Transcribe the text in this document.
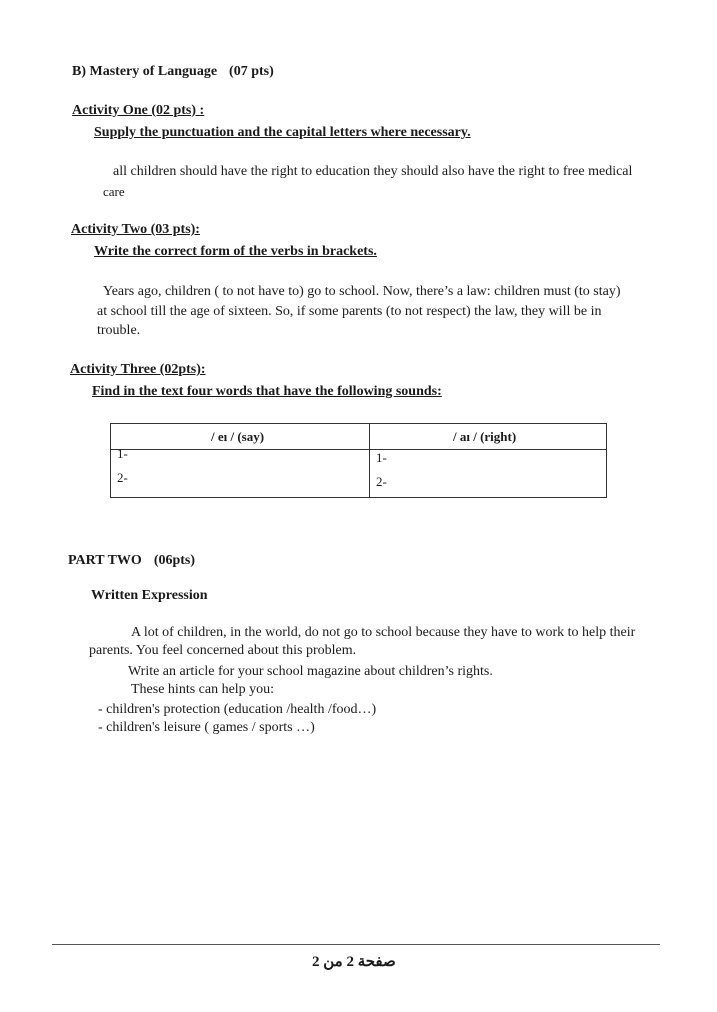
B) Mastery of Language (07 pts)
Activity One (02 pts) :
Supply the punctuation and the capital letters where necessary.
all children should have the right to education they should also have the right to free medical
care
Activity Two (03 pts):
Write the correct form of the verbs in brackets.
Years ago, children ( to not have to) go to school. Now, there’s a law: children must (to stay)
at school till the age of sixteen. So, if some parents (to not respect) the law, they will be in
trouble.
Activity Three (02pts):
Find in the text four words that have the following sounds:
/ eı / (say)	/ aı / (right)
1-
2-
1-
2-
PART TWO (06pts)
Written Expression
A lot of children, in the world, do not go to school because they have to work to help their
parents. You feel concerned about this problem.
Write an article for your school magazine about children’s rights.
These hints can help you:
- children's protection (education /health /food…)
- children's leisure ( games / sports …)
صفحة 2 من 2
